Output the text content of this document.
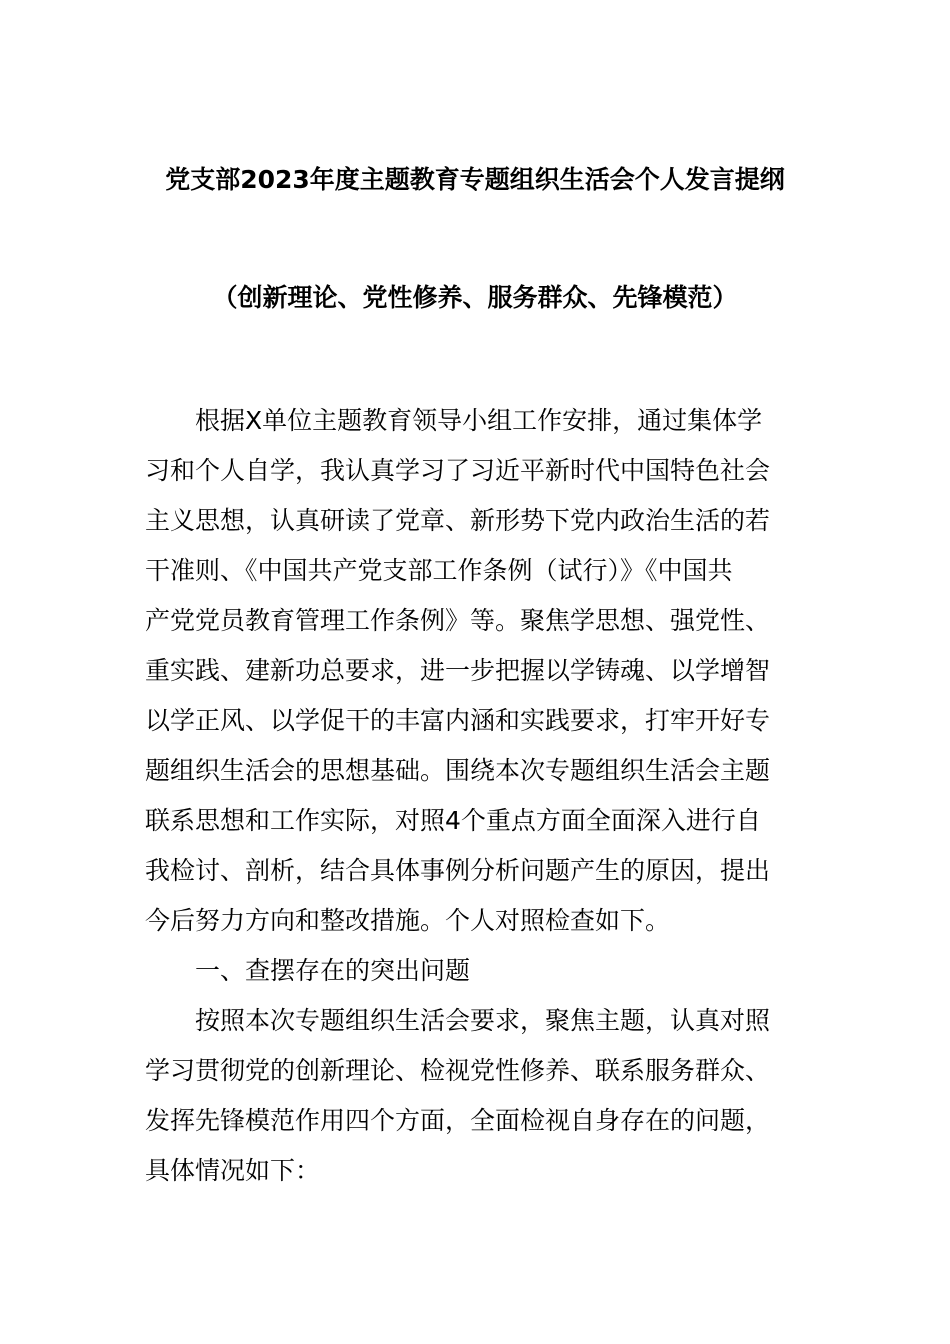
党支部2023年度主题教育专题组织生活会个人发言提纲
（创新理论、党性修养、服务群众、先锋模范）
根据X单位主题教育领导小组工作安排，通过集体学
习和个人自学，我认真学习了习近平新时代中国特色社会
主义思想，认真研读了党章、新形势下党内政治生活的若
干准则、《中国共产党支部工作条例（试行）》《中国共
产党党员教育管理工作条例》等。聚焦学思想、强党性、
重实践、建新功总要求，进一步把握以学铸魂、以学增智
以学正风、以学促干的丰富内涵和实践要求，打牢开好专
题组织生活会的思想基础。围绕本次专题组织生活会主题
联系思想和工作实际，对照4个重点方面全面深入进行自
我检讨、剖析，结合具体事例分析问题产生的原因，提出
今后努力方向和整改措施。个人对照检查如下。
一、查摆存在的突出问题
按照本次专题组织生活会要求，聚焦主题，认真对照
学习贯彻党的创新理论、检视党性修养、联系服务群众、
发挥先锋模范作用四个方面，全面检视自身存在的问题，
具体情况如下：
